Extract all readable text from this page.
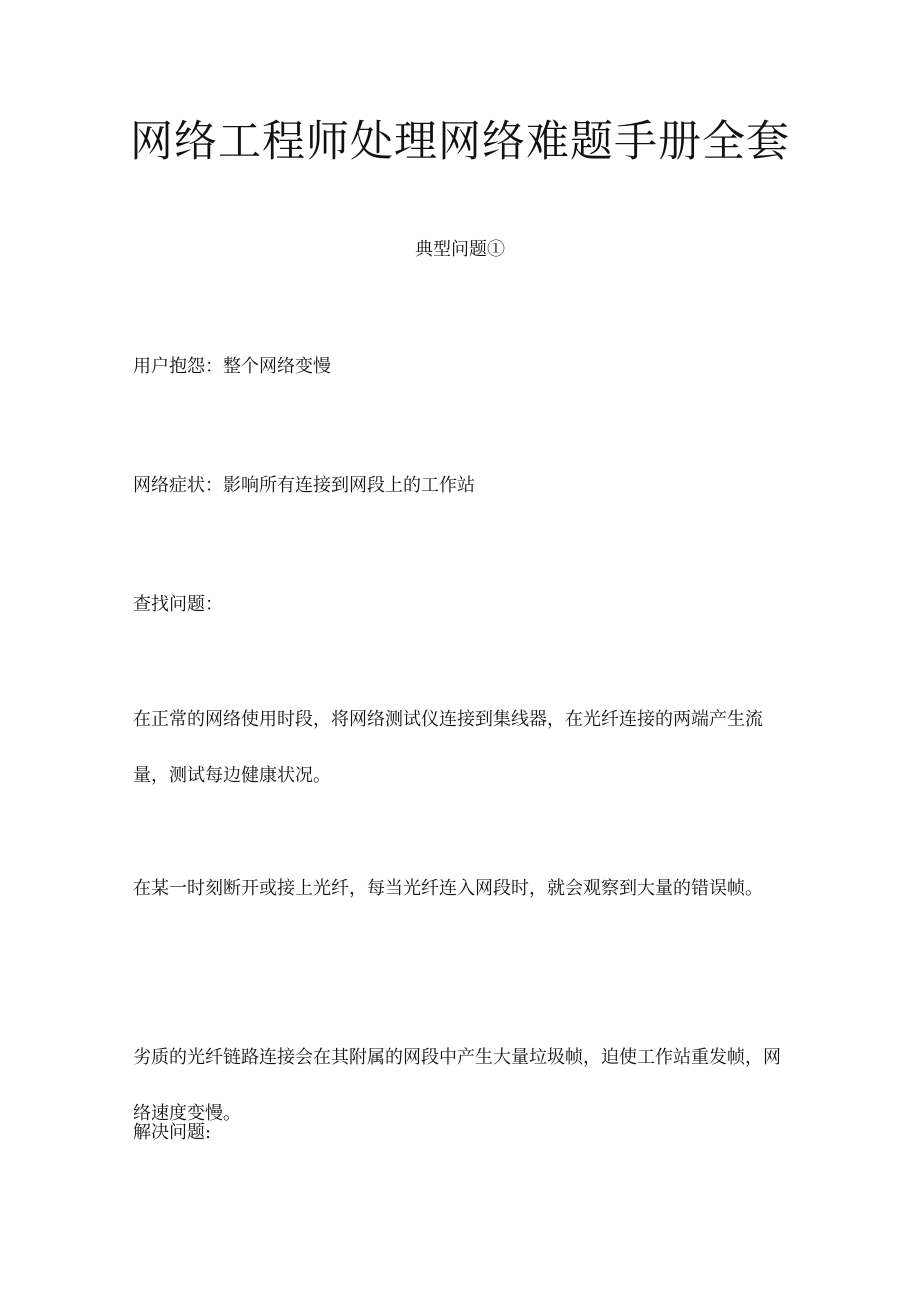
网络工程师处理网络难题手册全套

典型问题①

用户抱怨：整个网络变慢

网络症状：影响所有连接到网段上的工作站

查找问题：

在正常的网络使用时段，将网络测试仪连接到集线器，在光纤连接的两端产生流量，测试每边健康状况。

在某一时刻断开或接上光纤，每当光纤连入网段时，就会观察到大量的错误帧。

劣质的光纤链路连接会在其附属的网段中产生大量垃圾帧，迫使工作站重发帧，网络速度变慢。

解决问题:
